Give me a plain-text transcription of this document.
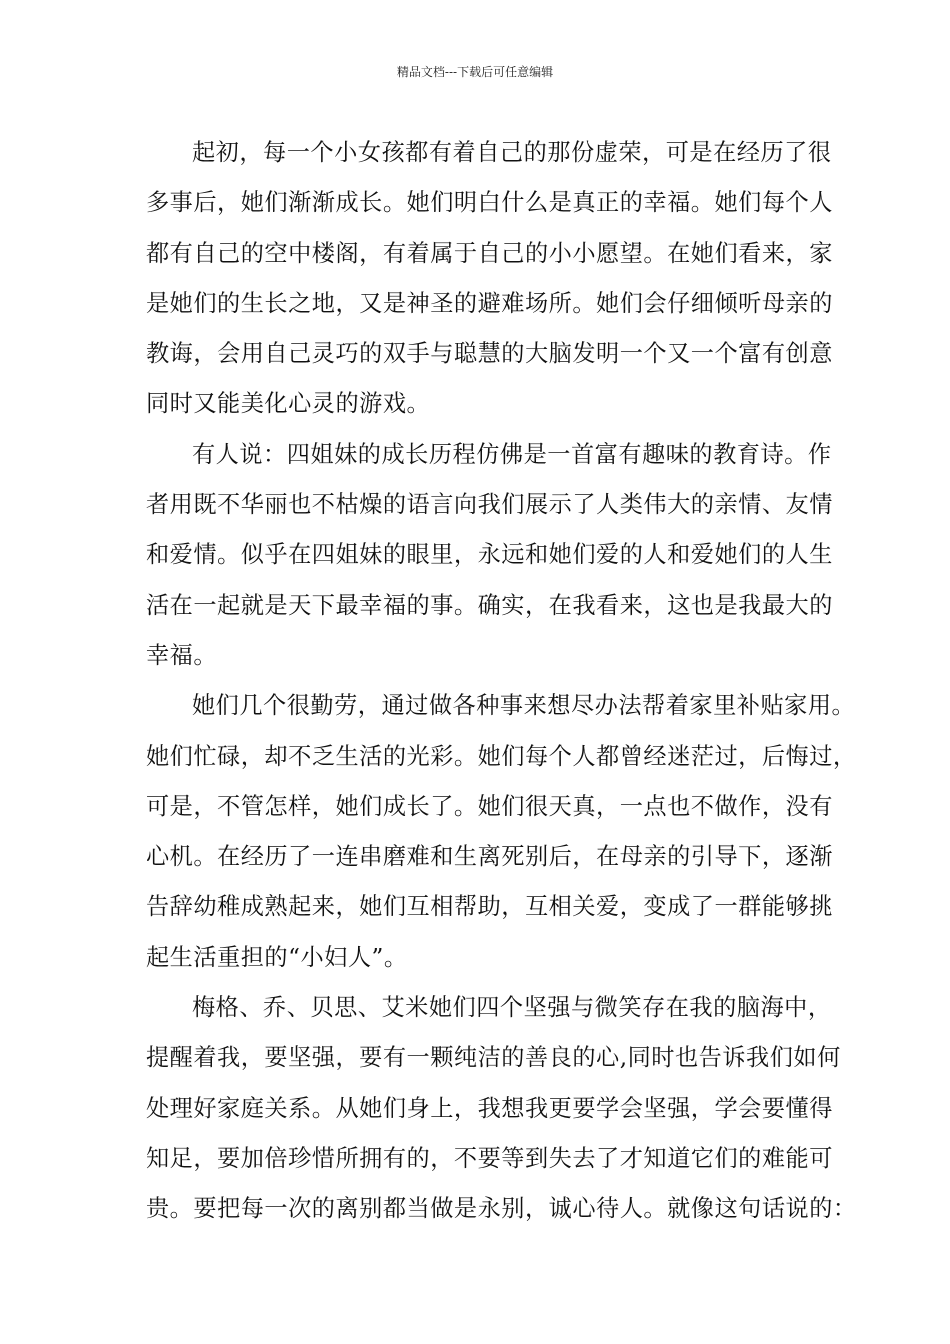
精品文档---下载后可任意编辑
起初，每一个小女孩都有着自己的那份虚荣，可是在经历了很
多事后，她们渐渐成长。她们明白什么是真正的幸福。她们每个人
都有自己的空中楼阁，有着属于自己的小小愿望。在她们看来，家
是她们的生长之地，又是神圣的避难场所。她们会仔细倾听母亲的
教诲，会用自己灵巧的双手与聪慧的大脑发明一个又一个富有创意
同时又能美化心灵的游戏。
有人说：四姐妹的成长历程仿佛是一首富有趣味的教育诗。作
者用既不华丽也不枯燥的语言向我们展示了人类伟大的亲情、友情
和爱情。似乎在四姐妹的眼里，永远和她们爱的人和爱她们的人生
活在一起就是天下最幸福的事。确实，在我看来，这也是我最大的
幸福。
她们几个很勤劳，通过做各种事来想尽办法帮着家里补贴家用。
她们忙碌，却不乏生活的光彩。她们每个人都曾经迷茫过，后悔过，
可是，不管怎样，她们成长了。她们很天真，一点也不做作，没有
心机。在经历了一连串磨难和生离死别后，在母亲的引导下，逐渐
告辞幼稚成熟起来，她们互相帮助，互相关爱，变成了一群能够挑
起生活重担的“小妇人”。
梅格、乔、贝思、艾米她们四个坚强与微笑存在我的脑海中，
提醒着我，要坚强，要有一颗纯洁的善良的心,同时也告诉我们如何
处理好家庭关系。从她们身上，我想我更要学会坚强，学会要懂得
知足，要加倍珍惜所拥有的，不要等到失去了才知道它们的难能可
贵。要把每一次的离别都当做是永别，诚心待人。就像这句话说的：
